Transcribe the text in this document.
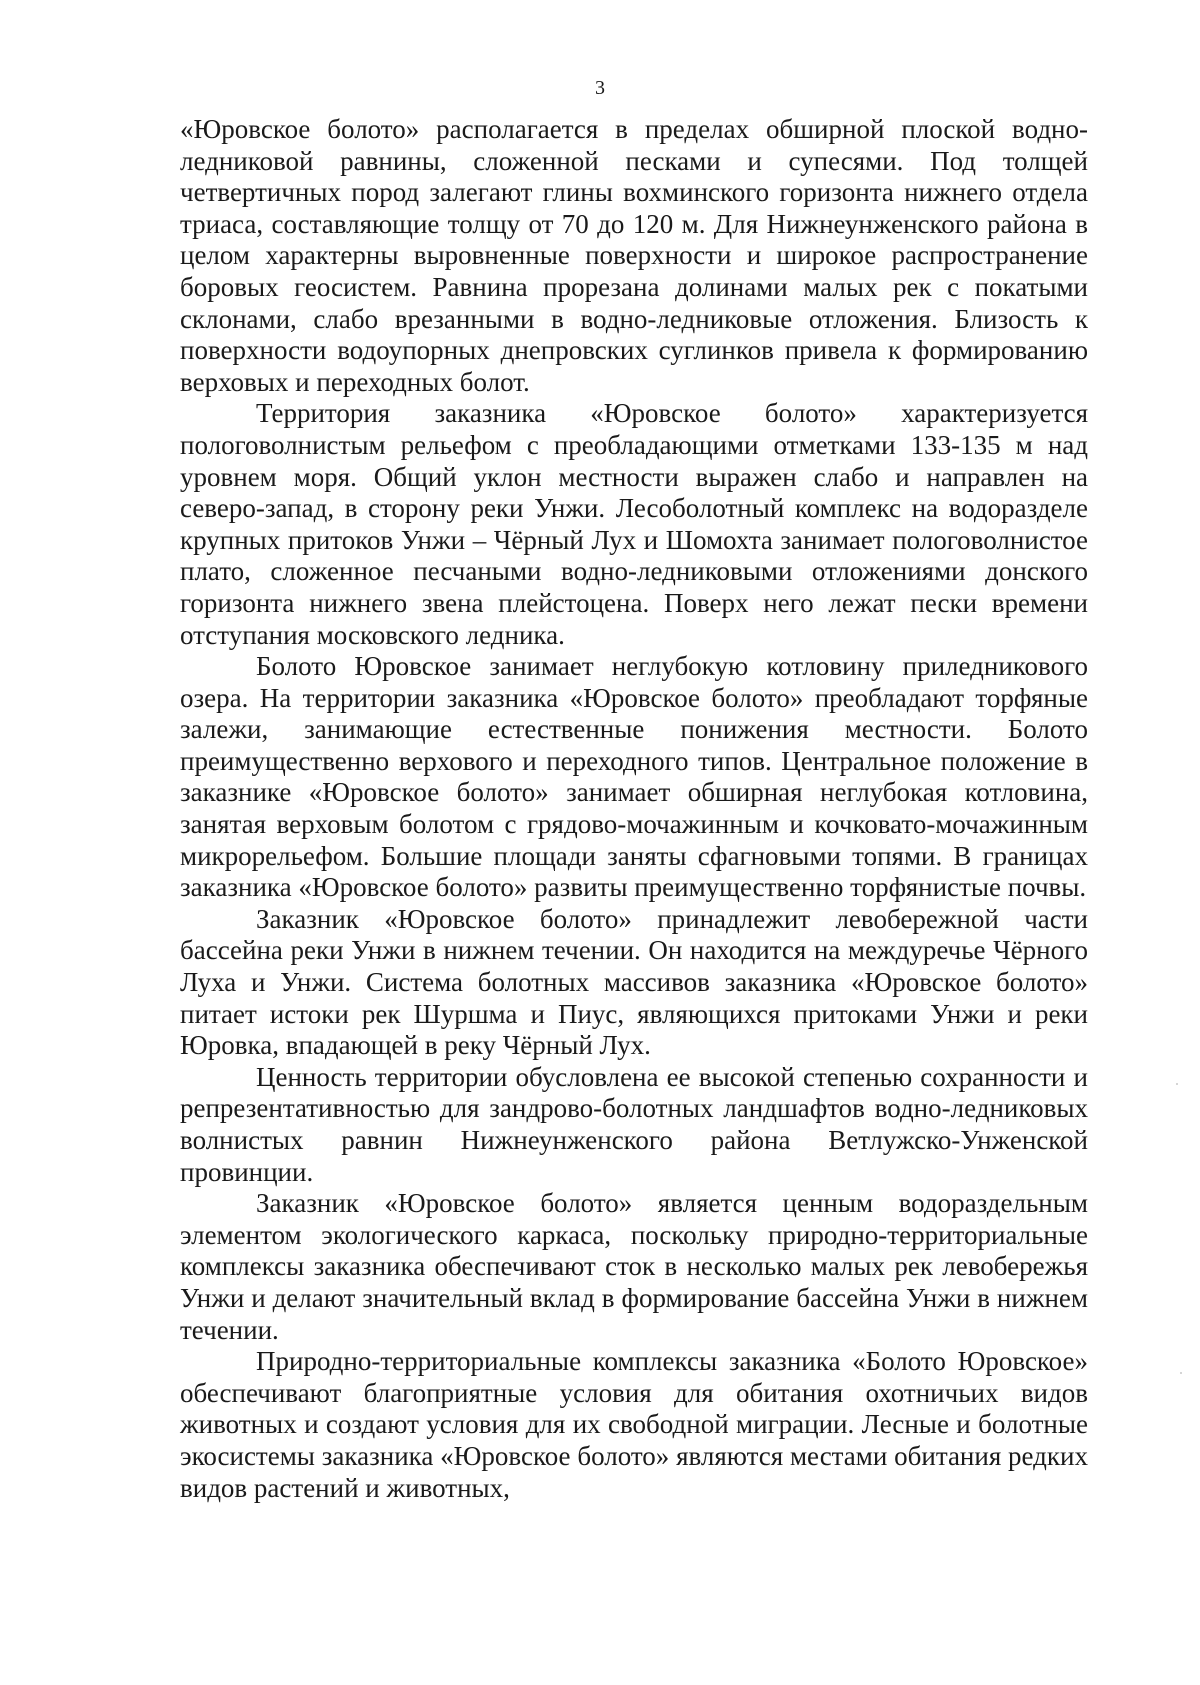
3

«Юровское болото» располагается в пределах обширной плоской водно-ледниковой равнины, сложенной песками и супесями. Под толщей четвертичных пород залегают глины вохминского горизонта нижнего отдела триаса, составляющие толщу от 70 до 120 м. Для Нижнеунженского района в целом характерны выровненные поверхности и широкое распространение боровых геосистем. Равнина прорезана долинами малых рек с покатыми склонами, слабо врезанными в водно-ледниковые отложения. Близость к поверхности водоупорных днепровских суглинков привела к формированию верховых и переходных болот.

Территория заказника «Юровское болото» характеризуется пологоволнистым рельефом с преобладающими отметками 133-135 м над уровнем моря. Общий уклон местности выражен слабо и направлен на северо-запад, в сторону реки Унжи. Лесоболотный комплекс на водоразделе крупных притоков Унжи – Чёрный Лух и Шомохта занимает пологоволнистое плато, сложенное песчаными водно-ледниковыми отложениями донского горизонта нижнего звена плейстоцена. Поверх него лежат пески времени отступания московского ледника.

Болото Юровское занимает неглубокую котловину приледникового озера. На территории заказника «Юровское болото» преобладают торфяные залежи, занимающие естественные понижения местности. Болото преимущественно верхового и переходного типов. Центральное положение в заказнике «Юровское болото» занимает обширная неглубокая котловина, занятая верховым болотом с грядово-мочажинным и кочковато-мочажинным микрорельефом. Большие площади заняты сфагновыми топями. В границах заказника «Юровское болото» развиты преимущественно торфянистые почвы.

Заказник «Юровское болото» принадлежит левобережной части бассейна реки Унжи в нижнем течении. Он находится на междуречье Чёрного Луха и Унжи. Система болотных массивов заказника «Юровское болото» питает истоки рек Шуршма и Пиус, являющихся притоками Унжи и реки Юровка, впадающей в реку Чёрный Лух.

Ценность территории обусловлена ее высокой степенью сохранности и репрезентативностью для зандрово-болотных ландшафтов водно-ледниковых волнистых равнин Нижнеунженского района Ветлужско-Унженской провинции.

Заказник «Юровское болото» является ценным водораздельным элементом экологического каркаса, поскольку природно-территориальные комплексы заказника обеспечивают сток в несколько малых рек левобережья Унжи и делают значительный вклад в формирование бассейна Унжи в нижнем течении.

Природно-территориальные комплексы заказника «Болото Юровское» обеспечивают благоприятные условия для обитания охотничьих видов животных и создают условия для их свободной миграции. Лесные и болотные экосистемы заказника «Юровское болото» являются местами обитания редких видов растений и животных,
